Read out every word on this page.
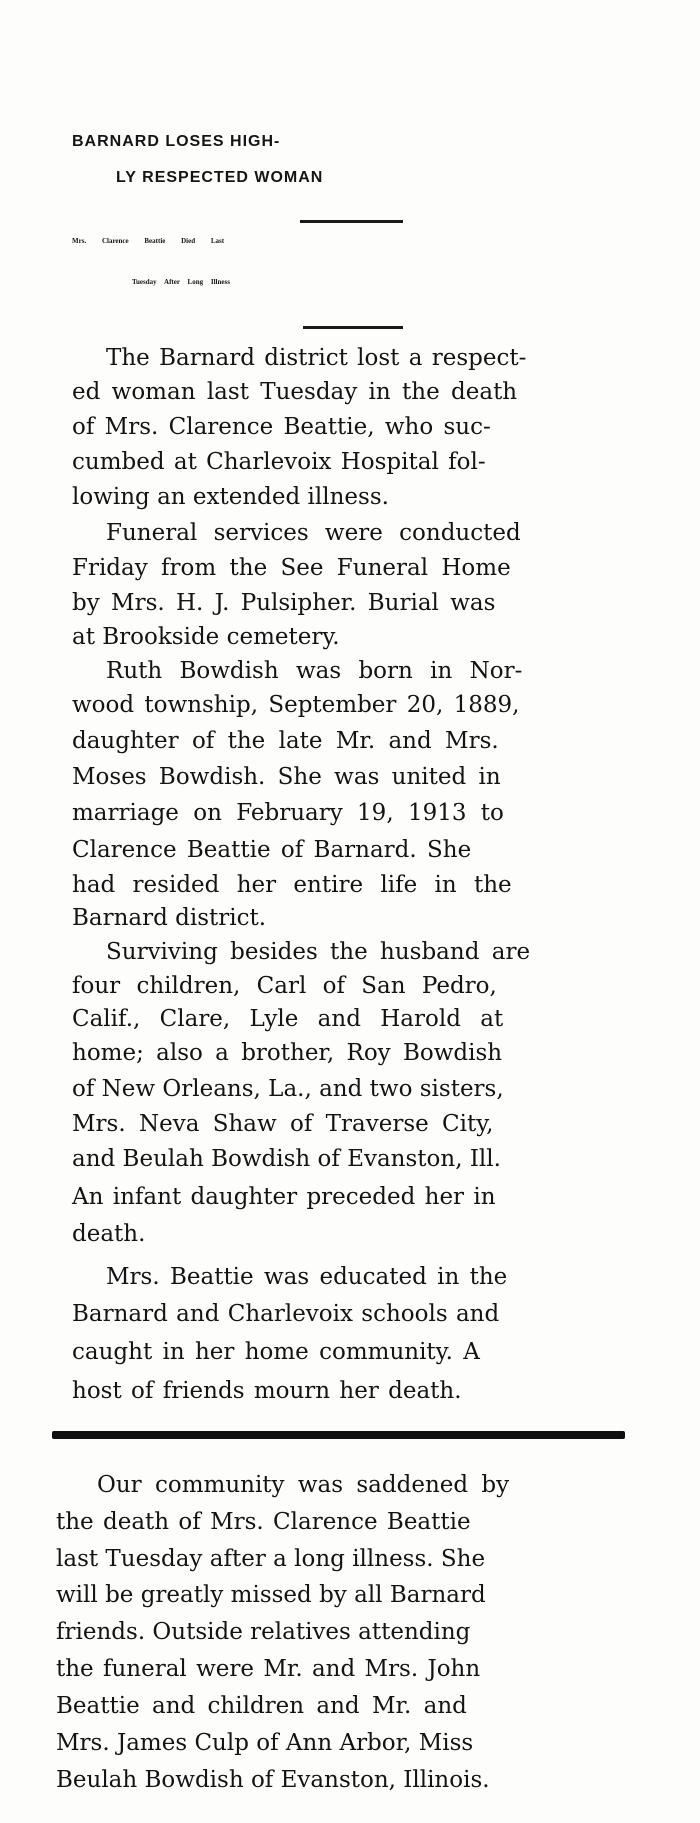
BARNARD LOSES HIGH-
LY RESPECTED WOMAN
Mrs. Clarence Beattie Died Last
Tuesday After Long Illness
The Barnard district lost a respect-
ed woman last Tuesday in the death
of Mrs. Clarence Beattie, who suc-
cumbed at Charlevoix Hospital fol-
lowing an extended illness.
Funeral services were conducted
Friday from the See Funeral Home
by Mrs. H. J. Pulsipher. Burial was
at Brookside cemetery.
Ruth Bowdish was born in Nor-
wood township, September 20, 1889,
daughter of the late Mr. and Mrs.
Moses Bowdish. She was united in
marriage on February 19, 1913 to
Clarence Beattie of Barnard. She
had resided her entire life in the
Barnard district.
Surviving besides the husband are
four children, Carl of San Pedro,
Calif., Clare, Lyle and Harold at
home; also a brother, Roy Bowdish
of New Orleans, La., and two sisters,
Mrs. Neva Shaw of Traverse City,
and Beulah Bowdish of Evanston, Ill.
An infant daughter preceded her in
death.
Mrs. Beattie was educated in the
Barnard and Charlevoix schools and
caught in her home community. A
host of friends mourn her death.
Our community was saddened by
the death of Mrs. Clarence Beattie
last Tuesday after a long illness. She
will be greatly missed by all Barnard
friends. Outside relatives attending
the funeral were Mr. and Mrs. John
Beattie and children and Mr. and
Mrs. James Culp of Ann Arbor, Miss
Beulah Bowdish of Evanston, Illinois.
